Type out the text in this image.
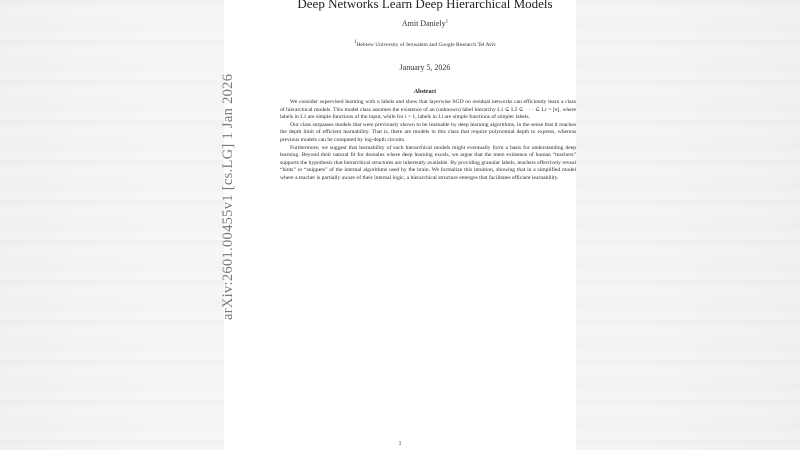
arXiv:2601.00455v1 [cs.LG] 1 Jan 2026
Deep Networks Learn Deep Hierarchical Models
Amit Daniely$^1$
$^1$Hebrew University of Jerusalem and Google Research Tel Aviv
January 5, 2026
Abstract

We consider supervised learning with n labels and show that layerwise SGD on residual networks can efficiently learn a class of hierarchical models. This model class assumes the existence of an (unknown) label hierarchy L1 ⊆ L2 ⊆ · · · ⊆ Lr = [n], where labels in L1 are simple functions of the input, while for i > 1, labels in Li are simple functions of simpler labels.

Our class surpasses models that were previously shown to be learnable by deep learning algorithms, in the sense that it reaches the depth limit of efficient learnability. That is, there are models in this class that require polynomial depth to express, whereas previous models can be computed by log-depth circuits.

Furthermore, we suggest that learnability of such hierarchical models might eventually form a basis for understanding deep learning. Beyond their natural fit for domains where deep learning excels, we argue that the mere existence of human “teachers” supports the hypothesis that hierarchical structures are inherently available. By providing granular labels, teachers effectively reveal “hints” or “snippets” of the internal algorithms used by the brain. We formalize this intuition, showing that in a simplified model where a teacher is partially aware of their internal logic, a hierarchical structure emerges that facilitates efficient learnability.

1
